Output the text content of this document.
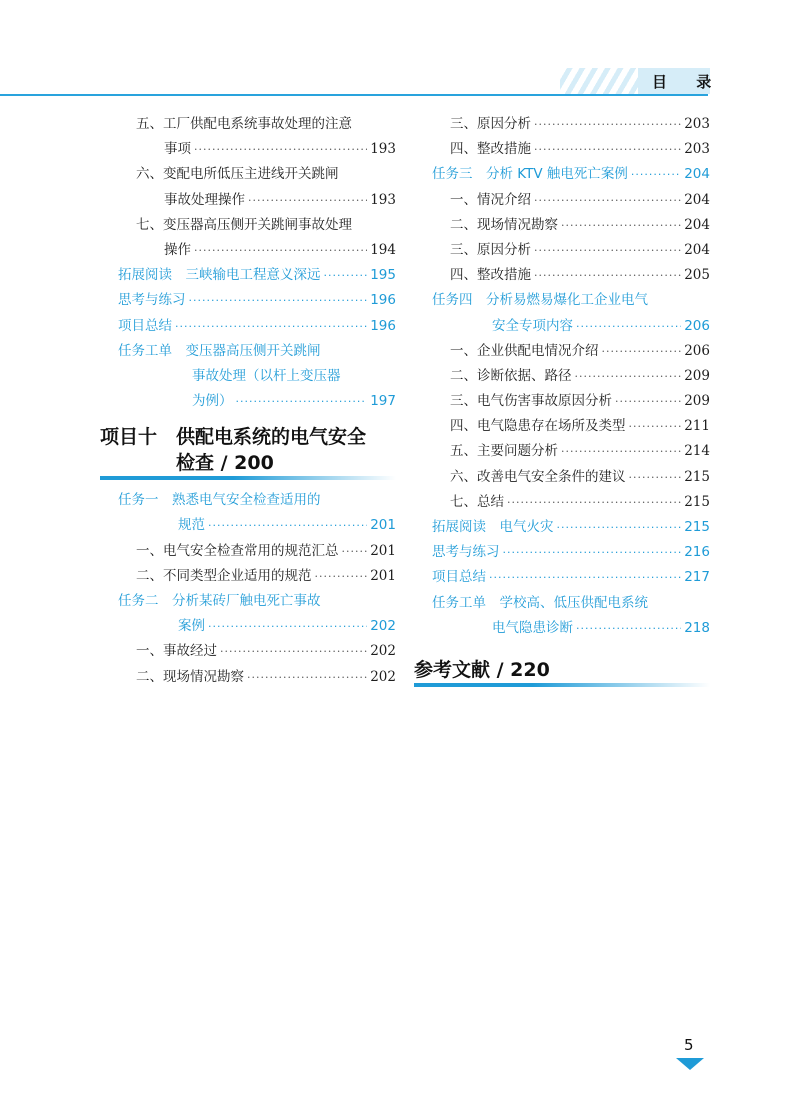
目 录
五、工厂供配电系统事故处理的注意
事项 ·····	193
六、变配电所低压主进线开关跳闸
事故处理操作 ·····	193
七、变压器高压侧开关跳闸事故处理
操作 ·····	194
拓展阅读　三峡输电工程意义深远 ·····	195
思考与练习 ·····	196
项目总结 ·····	196
任务工单　变压器高压侧开关跳闸
事故处理（以杆上变压器
为例） ·····	197
项目十　供配电系统的电气安全
检查 / 200
任务一　熟悉电气安全检查适用的
规范 ·····	201
一、电气安全检查常用的规范汇总 ····· 201
二、不同类型企业适用的规范 ·····	201
任务二　分析某砖厂触电死亡事故
案例 ·····	202
一、事故经过 ·····	202
二、现场情况勘察 ·····	202
三、原因分析 ·····	203
四、整改措施 ·····	203
任务三　分析 KTV 触电死亡案例 ·····	204
一、情况介绍 ·····	204
二、现场情况勘察 ·····	204
三、原因分析 ·····	204
四、整改措施 ·····	205
任务四　分析易燃易爆化工企业电气
安全专项内容 ·····	206
一、企业供配电情况介绍 ·····	206
二、诊断依据、路径 ·····	209
三、电气伤害事故原因分析 ·····	209
四、电气隐患存在场所及类型 ·····	211
五、主要问题分析 ·····	214
六、改善电气安全条件的建议 ·····	215
七、总结 ·····	215
拓展阅读　电气火灾 ·····	215
思考与练习 ·····	216
项目总结 ·····	217
任务工单　学校高、低压供配电系统
电气隐患诊断 ·····	218
参考文献 / 220
5
